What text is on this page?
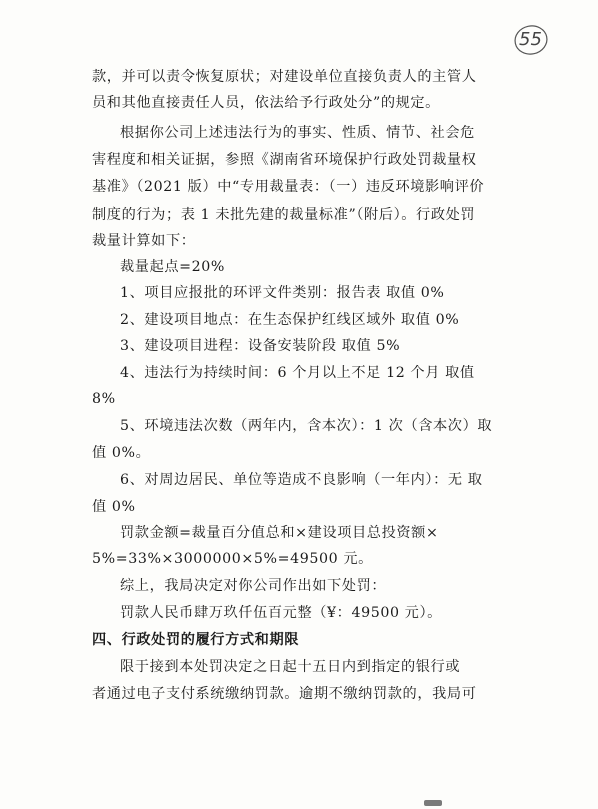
55
款，并可以责令恢复原状；对建设单位直接负责人的主管人
员和其他直接责任人员，依法给予行政处分”的规定。
根据你公司上述违法行为的事实、性质、情节、社会危
害程度和相关证据，参照《湖南省环境保护行政处罚裁量权
基准》（2021 版）中“专用裁量表：（一）违反环境影响评价
制度的行为；表 1 未批先建的裁量标准”（附后）。行政处罚
裁量计算如下：
裁量起点=20%
1、项目应报批的环评文件类别：报告表 取值 0%
2、建设项目地点：在生态保护红线区域外 取值 0%
3、建设项目进程：设备安装阶段 取值 5%
4、违法行为持续时间：6 个月以上不足 12 个月 取值
8%
5、环境违法次数（两年内，含本次）：1 次（含本次）取
值 0%。
6、对周边居民、单位等造成不良影响（一年内）：无 取
值 0%
罚款金额=裁量百分值总和×建设项目总投资额×
5%=33%×3000000×5%=49500 元。
综上，我局决定对你公司作出如下处罚：
罚款人民币肆万玖仟伍百元整（¥：49500 元）。
四、行政处罚的履行方式和期限
限于接到本处罚决定之日起十五日内到指定的银行或
者通过电子支付系统缴纳罚款。逾期不缴纳罚款的，我局可
